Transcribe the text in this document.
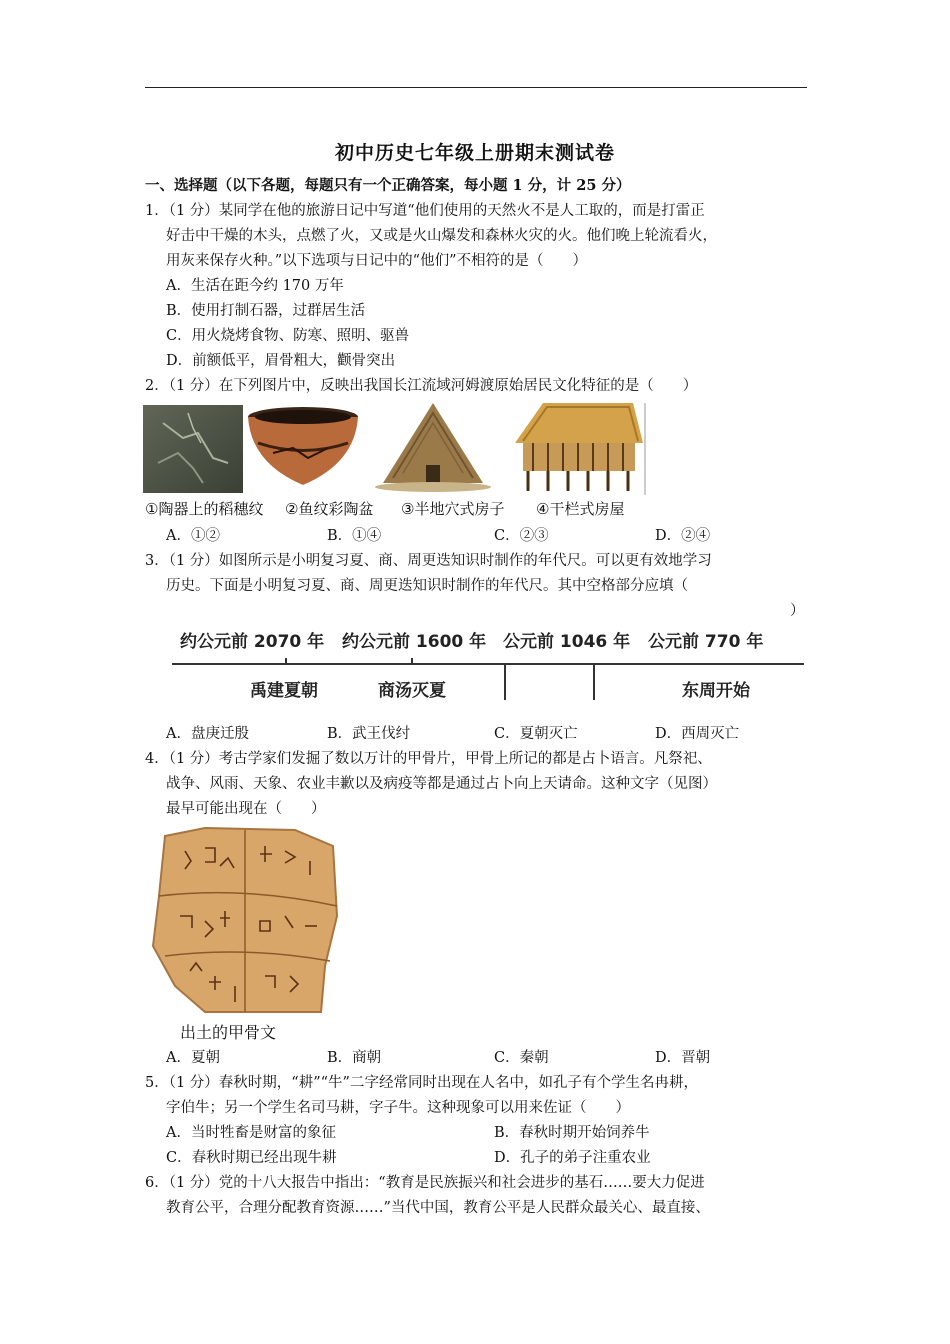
初中历史七年级上册期末测试卷
一、选择题（以下各题，每题只有一个正确答案，每小题 1 分，计 25 分）
1．（1 分）某同学在他的旅游日记中写道“他们使用的天然火不是人工取的，而是打雷正
好击中干燥的木头，点燃了火，又或是火山爆发和森林火灾的火。他们晚上轮流看火，
用灰来保存火种。”以下选项与日记中的“他们”不相符的是（　　）
A．生活在距今约 170 万年
B．使用打制石器，过群居生活
C．用火烧烤食物、防寒、照明、驱兽
D．前额低平，眉骨粗大，颧骨突出
2．（1 分）在下列图片中，反映出我国长江流域河姆渡原始居民文化特征的是（　　）
①陶器上的稻穗纹 ②鱼纹彩陶盆 ③半地穴式房子 ④干栏式房屋
A．①②	B．①④	C．②③	D．②④
3．（1 分）如图所示是小明复习夏、商、周更迭知识时制作的年代尺。可以更有效地学习
历史。下面是小明复习夏、商、周更迭知识时制作的年代尺。其中空格部分应填（
）
约公元前 2070 年 约公元前 1600 年 公元前 1046 年 公元前 770 年
禹建夏朝	商汤灭夏	东周开始
A．盘庚迁殷	B．武王伐纣	C．夏朝灭亡	D．西周灭亡
4．（1 分）考古学家们发掘了数以万计的甲骨片，甲骨上所记的都是占卜语言。凡祭祀、
战争、风雨、天象、农业丰歉以及病疫等都是通过占卜向上天请命。这种文字（见图）
最早可能出现在（　　）
出土的甲骨文
A．夏朝	B．商朝	C．秦朝	D．晋朝
5．（1 分）春秋时期，“耕”“牛”二字经常同时出现在人名中，如孔子有个学生名冉耕，
字伯牛；另一个学生名司马耕，字子牛。这种现象可以用来佐证（　　）
A．当时牲畜是财富的象征	B．春秋时期开始饲养牛
C．春秋时期已经出现牛耕	D．孔子的弟子注重农业
6．（1 分）党的十八大报告中指出：“教育是民族振兴和社会进步的基石……要大力促进
教育公平，合理分配教育资源……”当代中国，教育公平是人民群众最关心、最直接、
